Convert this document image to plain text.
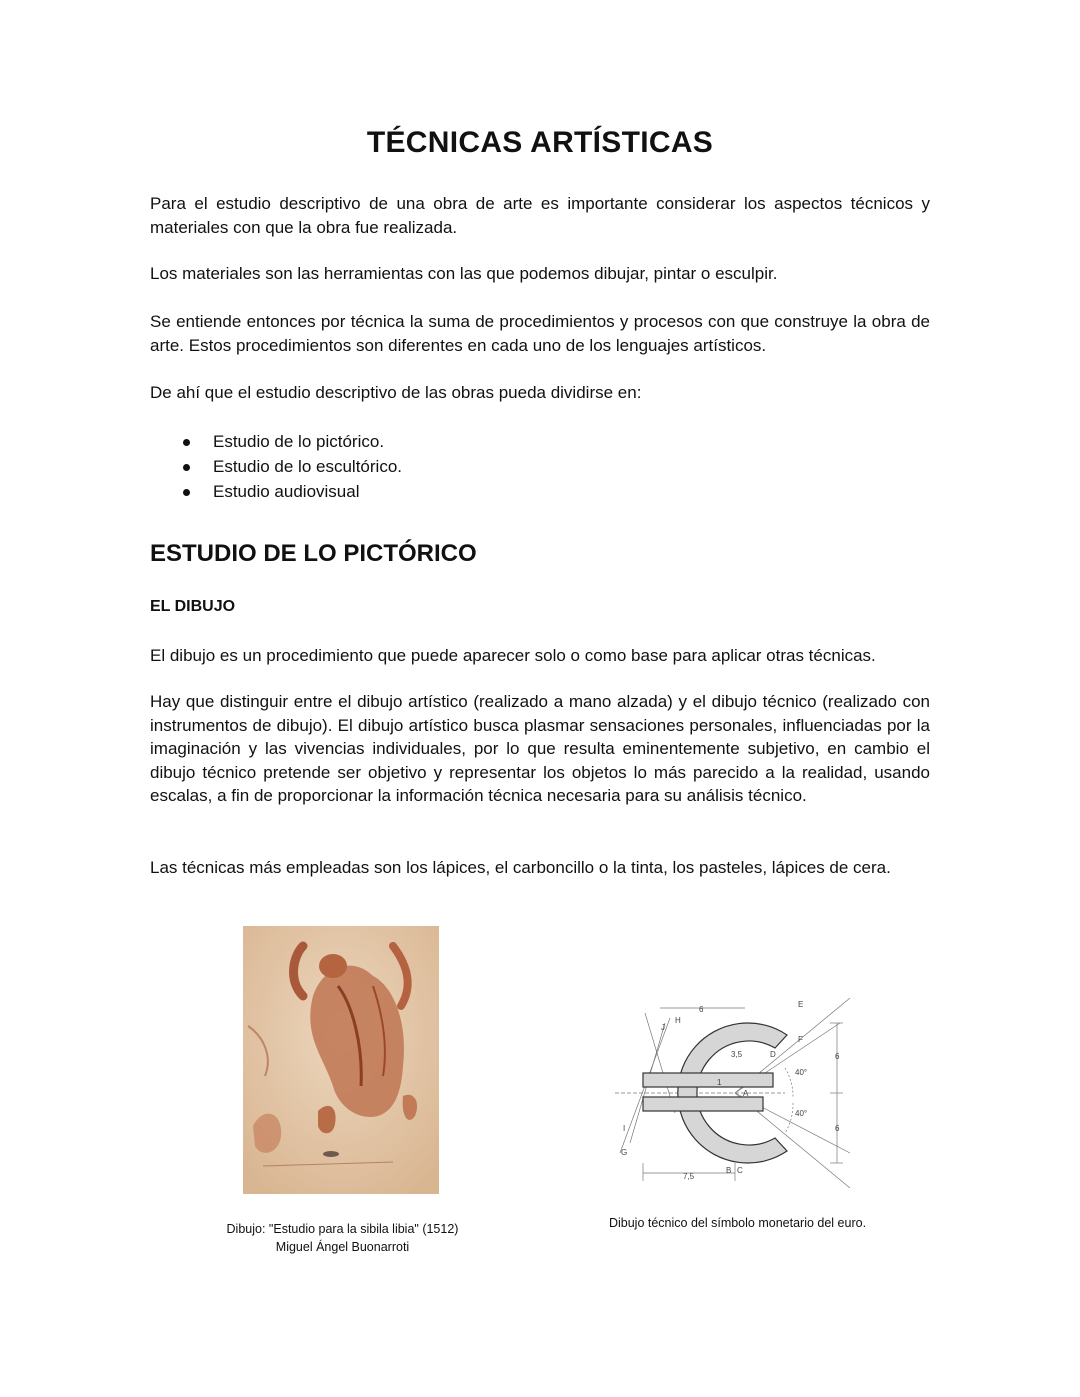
TÉCNICAS ARTÍSTICAS

Para el estudio descriptivo de una obra de arte es importante considerar los aspectos técnicos y materiales con que la obra fue realizada.

Los materiales son las herramientas con las que podemos dibujar, pintar o esculpir.

Se entiende entonces por técnica la suma de procedimientos y procesos con que construye la obra de arte. Estos procedimientos son diferentes en cada uno de los lenguajes artísticos.

De ahí que el estudio descriptivo de las obras pueda dividirse en:

Estudio de lo pictórico.
Estudio de lo escultórico.
Estudio audiovisual
ESTUDIO DE LO PICTÓRICO
EL DIBUJO

El dibujo es un procedimiento que puede aparecer solo o como base para aplicar otras técnicas.

Hay que distinguir entre el dibujo artístico (realizado a mano alzada) y el dibujo técnico (realizado con instrumentos de dibujo). El dibujo artístico busca plasmar sensaciones personales, influenciadas por la imaginación y las vivencias individuales, por lo que resulta eminentemente subjetivo, en cambio el dibujo técnico pretende ser objetivo y representar los objetos lo más parecido a la realidad, usando escalas, a fin de proporcionar la información técnica necesaria para su análisis técnico.

Las técnicas más empleadas son los lápices, el carboncillo o la tinta, los pasteles, lápices de cera.

Dibujo: "Estudio para la sibila libia" (1512)
Miguel Ángel Buonarroti
E
F
D
H
J
I
G
A
B C
6
6
6
3,5
7,5
40°
40°
1
Dibujo técnico del símbolo monetario del euro.
